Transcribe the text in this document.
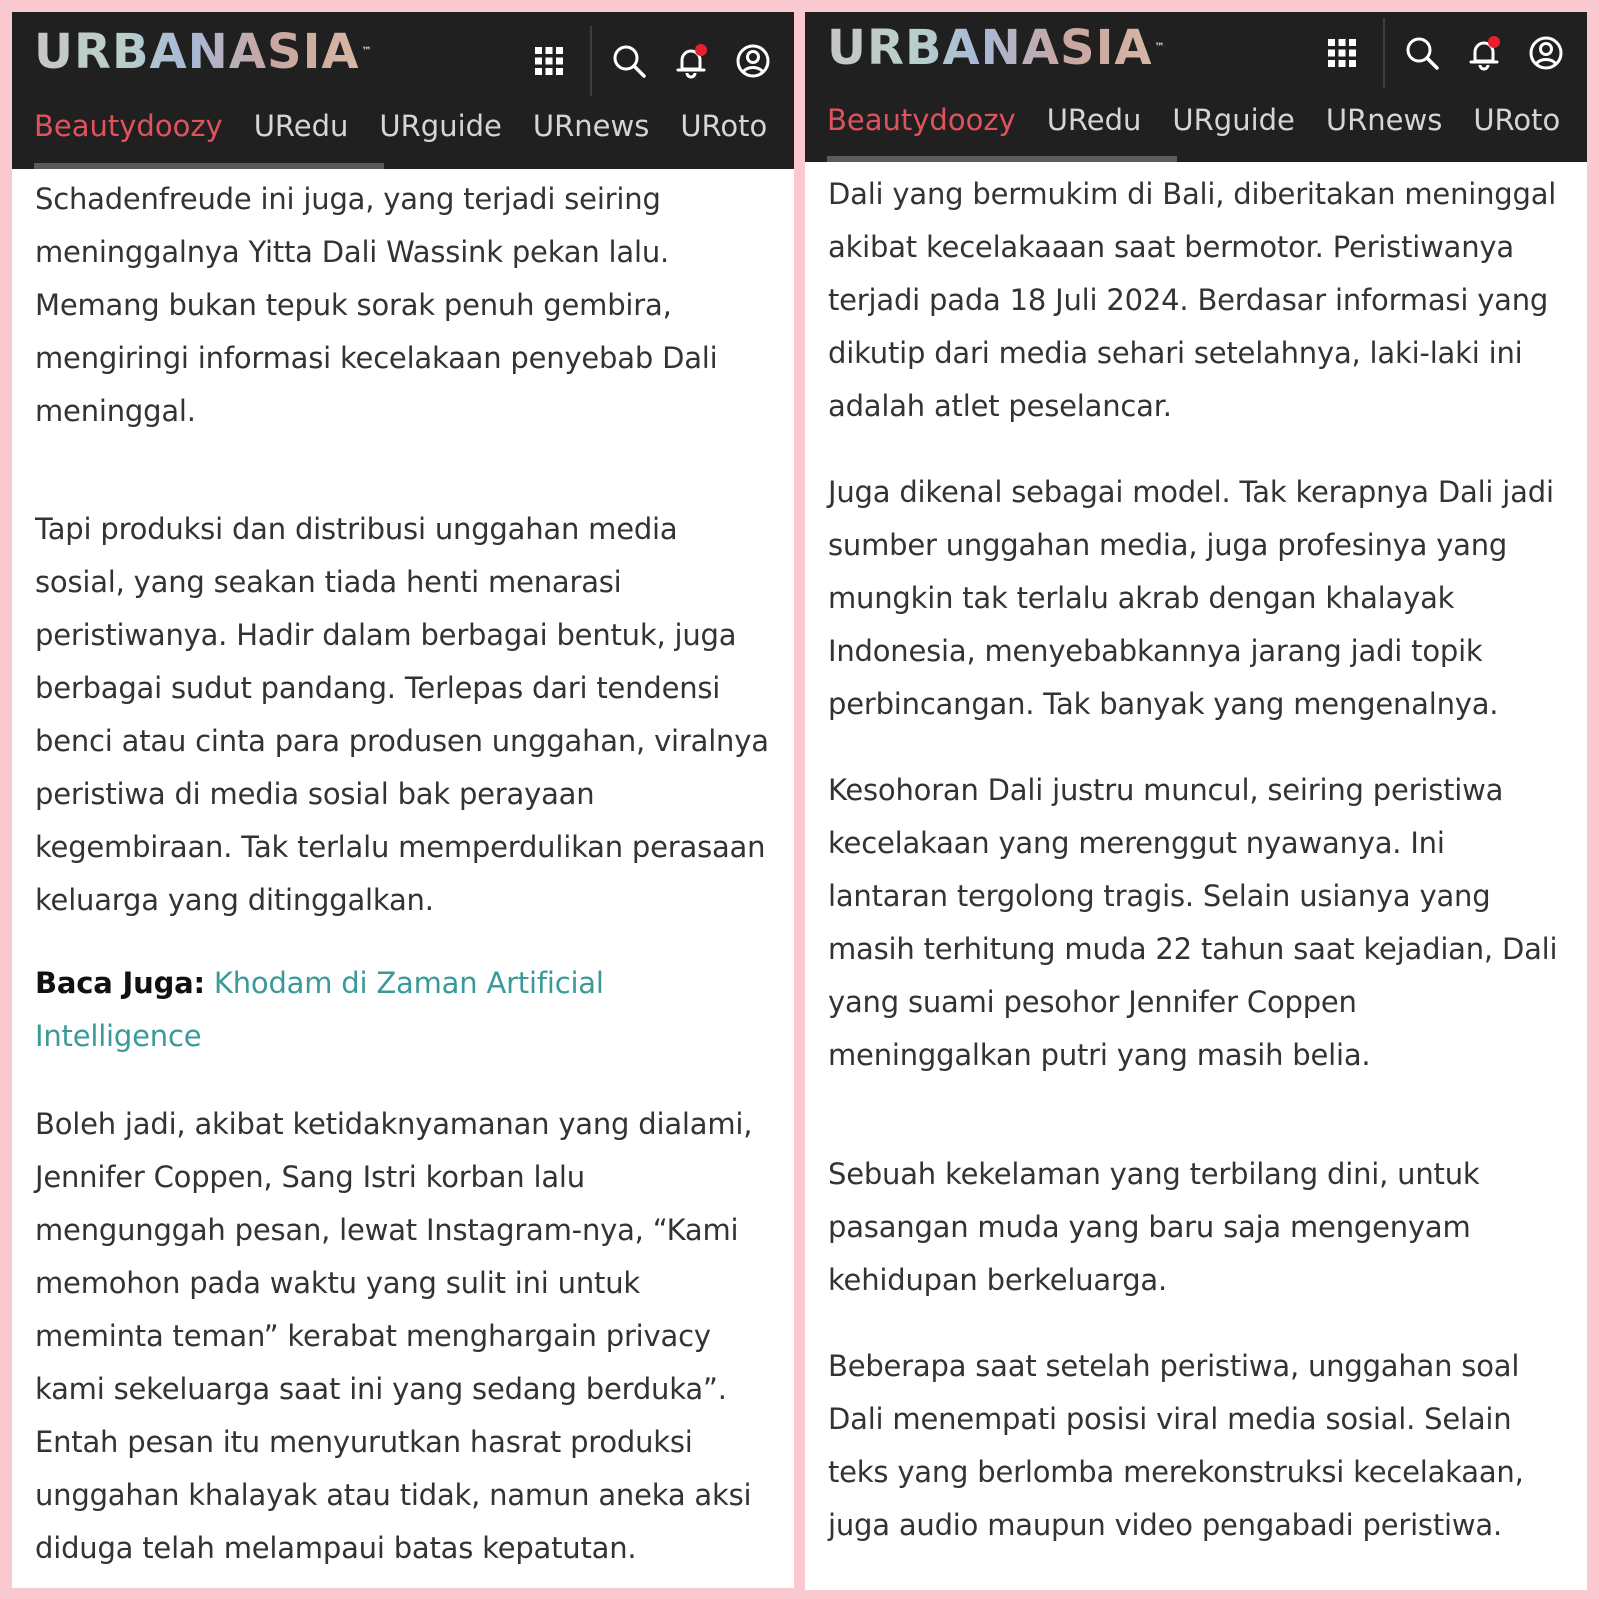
URBANASIA ™
Beautydoozy URedu URguide URnews URoto

Schadenfreude ini juga, yang terjadi seiring meninggalnya Yitta Dali Wassink pekan lalu. Memang bukan tepuk sorak penuh gembira, mengiringi informasi kecelakaan penyebab Dali meninggal.

Tapi produksi dan distribusi unggahan media sosial, yang seakan tiada henti menarasi peristiwanya. Hadir dalam berbagai bentuk, juga berbagai sudut pandang. Terlepas dari tendensi benci atau cinta para produsen unggahan, viralnya peristiwa di media sosial bak perayaan kegembiraan. Tak terlalu memperdulikan perasaan keluarga yang ditinggalkan.

Baca Juga: Khodam di Zaman Artificial Intelligence

Boleh jadi, akibat ketidaknyamanan yang dialami, Jennifer Coppen, Sang Istri korban lalu mengunggah pesan, lewat Instagram-nya, “Kami memohon pada waktu yang sulit ini untuk meminta teman” kerabat menghargain privacy kami sekeluarga saat ini yang sedang berduka”. Entah pesan itu menyurutkan hasrat produksi unggahan khalayak atau tidak, namun aneka aksi diduga telah melampaui batas kepatutan.

URBANASIA ™
Beautydoozy URedu URguide URnews URoto

Dali yang bermukim di Bali, diberitakan meninggal akibat kecelakaaan saat bermotor. Peristiwanya terjadi pada 18 Juli 2024. Berdasar informasi yang dikutip dari media sehari setelahnya, laki-laki ini adalah atlet peselancar.

Juga dikenal sebagai model. Tak kerapnya Dali jadi sumber unggahan media, juga profesinya yang mungkin tak terlalu akrab dengan khalayak Indonesia, menyebabkannya jarang jadi topik perbincangan. Tak banyak yang mengenalnya.

Kesohoran Dali justru muncul, seiring peristiwa kecelakaan yang merenggut nyawanya. Ini lantaran tergolong tragis. Selain usianya yang masih terhitung muda 22 tahun saat kejadian, Dali yang suami pesohor Jennifer Coppen meninggalkan putri yang masih belia.

Sebuah kekelaman yang terbilang dini, untuk pasangan muda yang baru saja mengenyam kehidupan berkeluarga.

Beberapa saat setelah peristiwa, unggahan soal Dali menempati posisi viral media sosial. Selain teks yang berlomba merekonstruksi kecelakaan, juga audio maupun video pengabadi peristiwa.
